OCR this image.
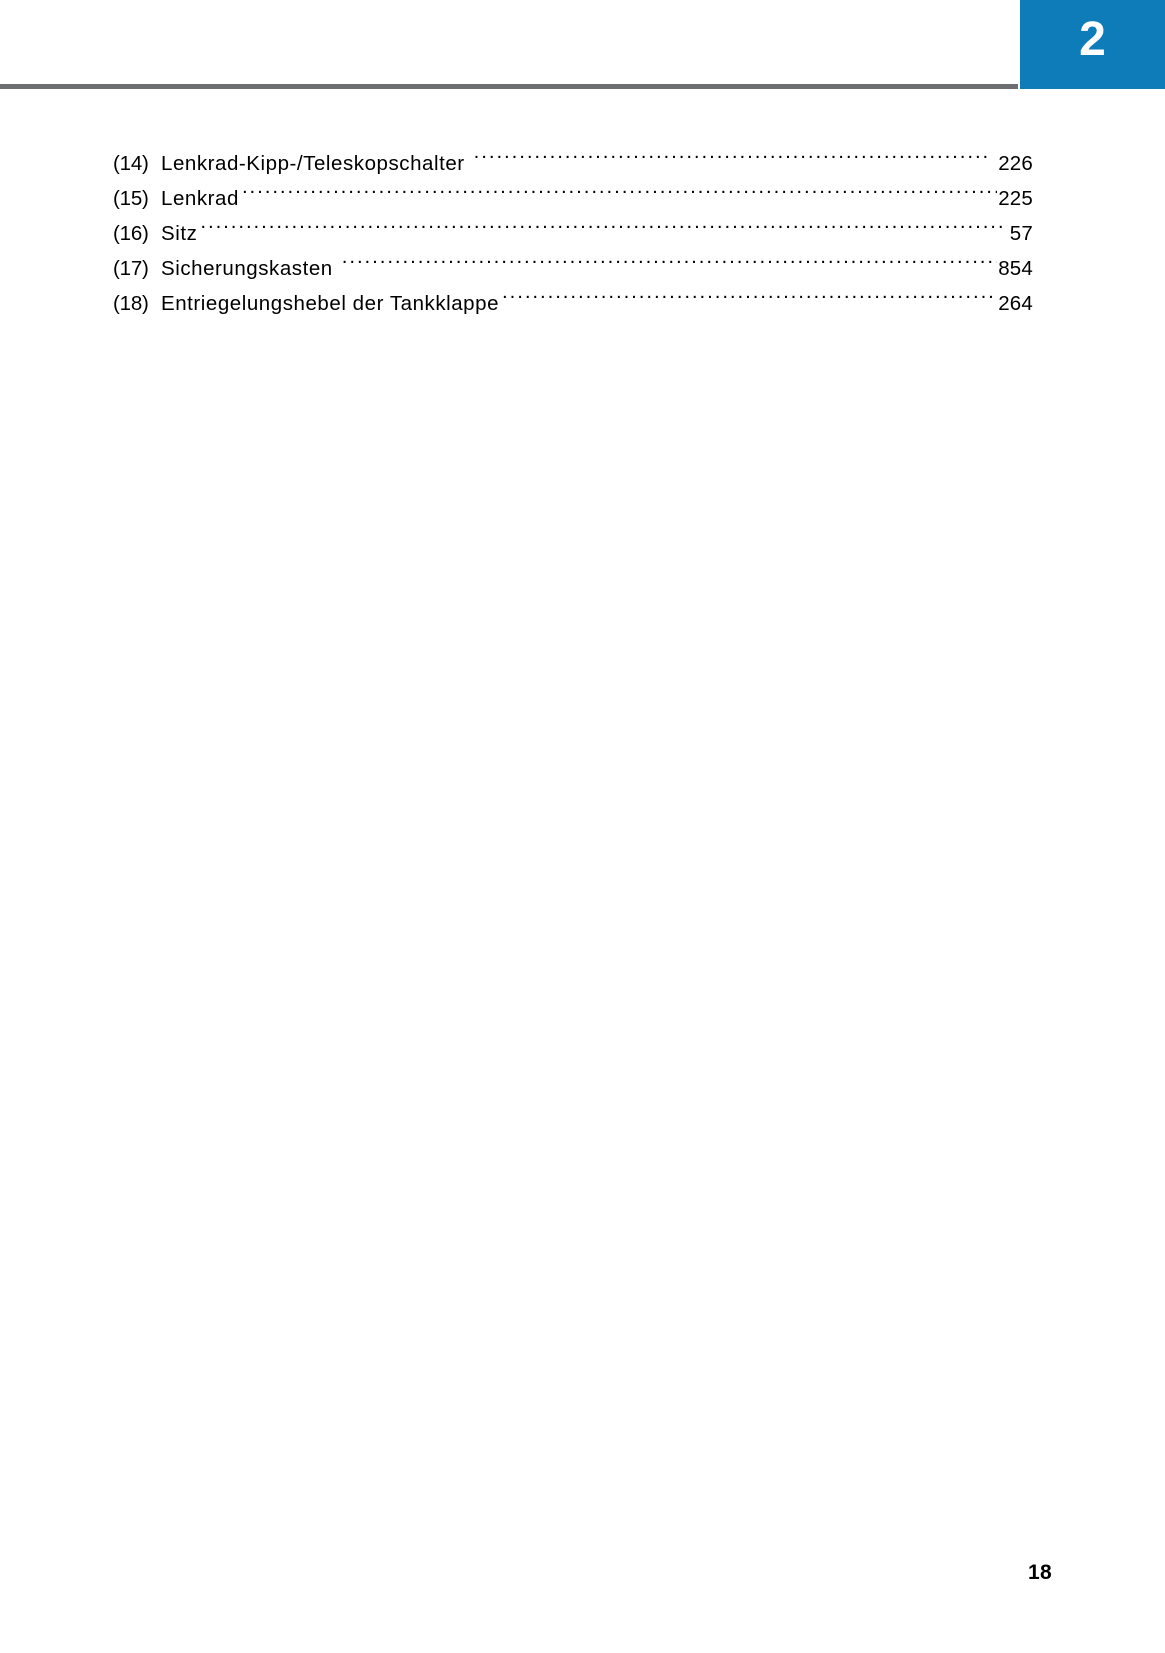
2
(14) Lenkrad-Kipp-/Teleskopschalter .....	226
(15) Lenkrad .....	225
(16) Sitz .....	57
(17) Sicherungskasten .....	854
(18) Entriegelungshebel der Tankklappe .....	264
18
